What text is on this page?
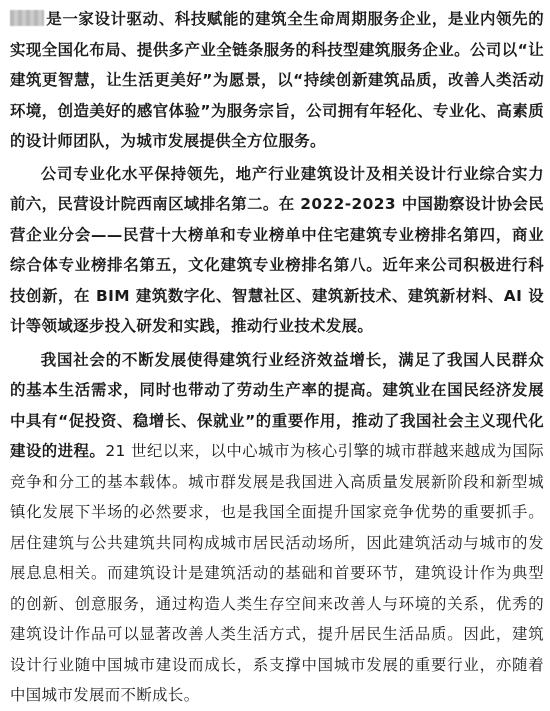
是一家设计驱动、科技赋能的建筑全生命周期服务企业，是业内领先的实现全国化布局、提供多产业全链条服务的科技型建筑服务企业。公司以“让建筑更智慧，让生活更美好”为愿景，以“持续创新建筑品质，改善人类活动环境，创造美好的感官体验”为服务宗旨，公司拥有年轻化、专业化、高素质的设计师团队，为城市发展提供全方位服务。

公司专业化水平保持领先，地产行业建筑设计及相关设计行业综合实力前六，民营设计院西南区域排名第二。在 2022-2023 中国勘察设计协会民营企业分会——民营十大榜单和专业榜单中住宅建筑专业榜排名第四，商业综合体专业榜排名第五，文化建筑专业榜排名第八。近年来公司积极进行科技创新，在 BIM 建筑数字化、智慧社区、建筑新技术、建筑新材料、AI 设计等领域逐步投入研发和实践，推动行业技术发展。

我国社会的不断发展使得建筑行业经济效益增长，满足了我国人民群众的基本生活需求，同时也带动了劳动生产率的提高。建筑业在国民经济发展中具有“促投资、稳增长、保就业”的重要作用，推动了我国社会主义现代化建设的进程。21 世纪以来，以中心城市为核心引擎的城市群越来越成为国际竞争和分工的基本载体。城市群发展是我国进入高质量发展新阶段和新型城镇化发展下半场的必然要求，也是我国全面提升国家竞争优势的重要抓手。居住建筑与公共建筑共同构成城市居民活动场所，因此建筑活动与城市的发展息息相关。而建筑设计是建筑活动的基础和首要环节，建筑设计作为典型的创新、创意服务，通过构造人类生存空间来改善人与环境的关系，优秀的建筑设计作品可以显著改善人类生活方式，提升居民生活品质。因此，建筑设计行业随中国城市建设而成长，系支撑中国城市发展的重要行业，亦随着中国城市发展而不断成长。
